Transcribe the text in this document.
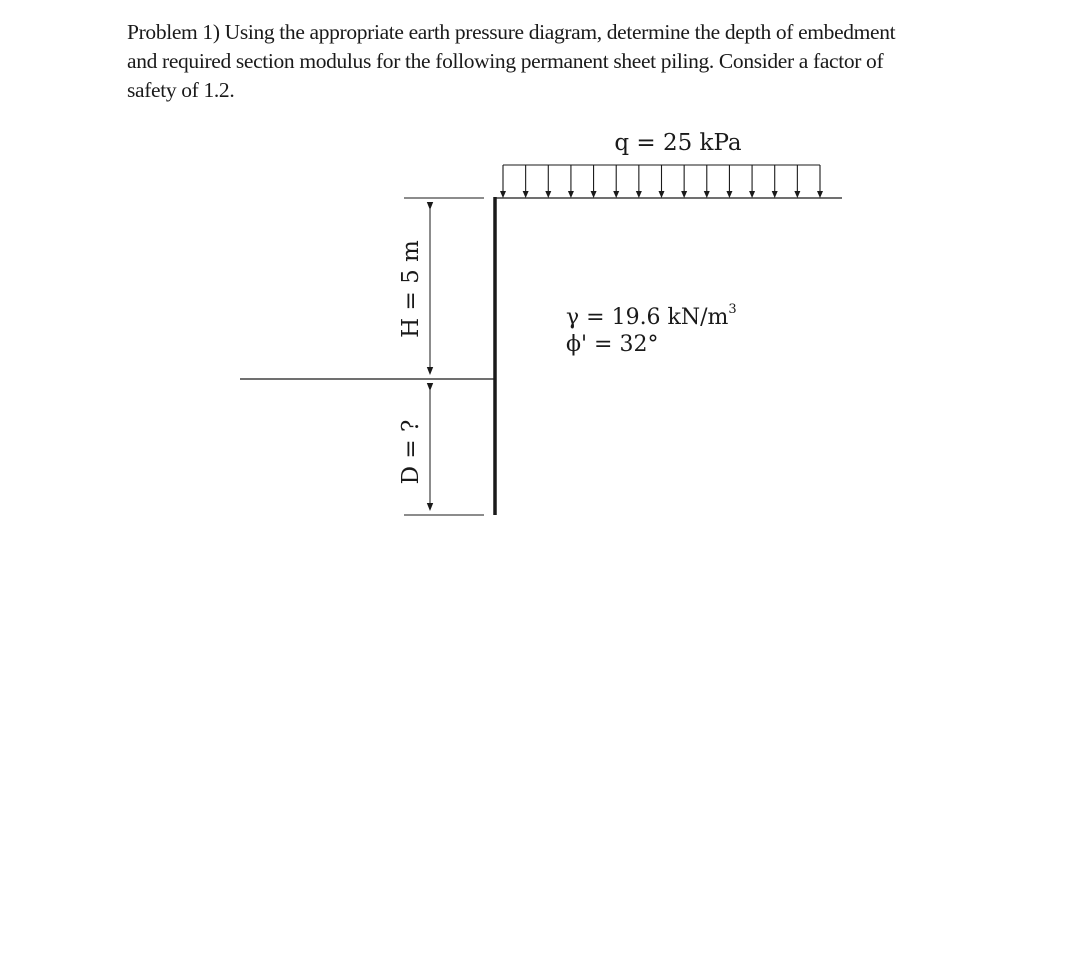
Problem 1) Using the appropriate earth pressure diagram, determine the depth of embedment
and required section modulus for the following permanent sheet piling. Consider a factor of
safety of 1.2.
q = 25 kPa
H = 5 m
D = ?
γ = 19.6 $kN/m^3$
ϕ' = 32°
